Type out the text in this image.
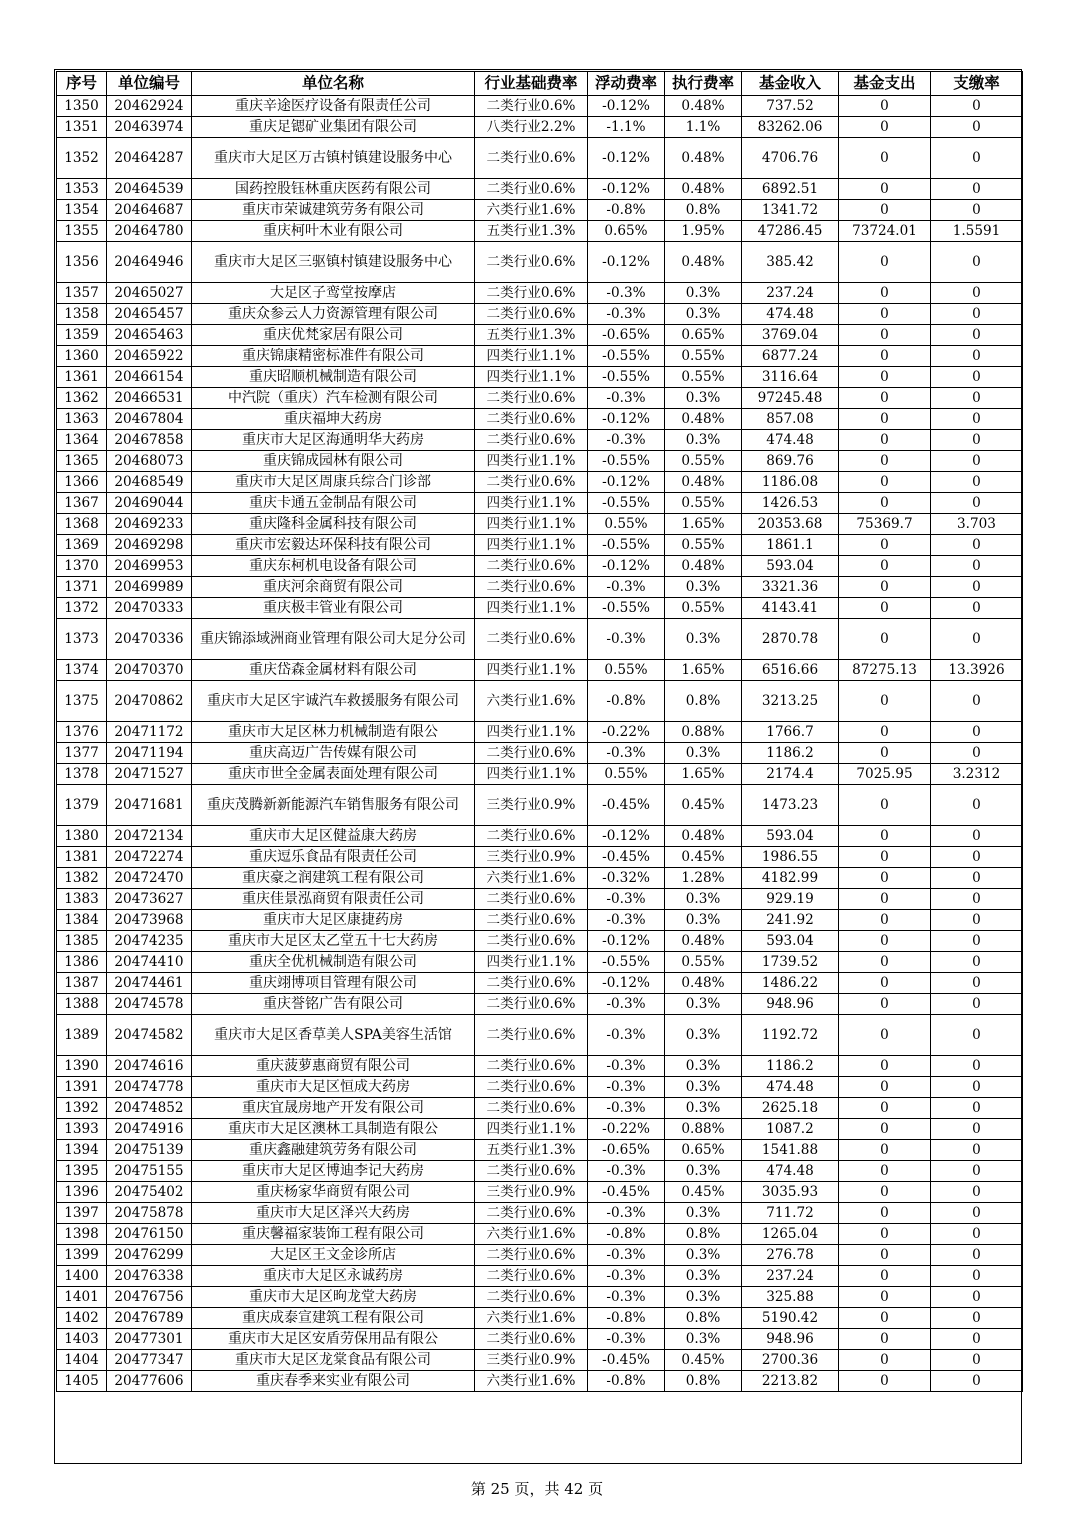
序号	单位编号	单位名称	行业基础费率	浮动费率	执行费率	基金收入	基金支出	支缴率
1350	20462924	重庆辛途医疗设备有限责任公司	二类行业0.6%	-0.12%	0.48%	737.52	0	0
1351	20463974	重庆足锶矿业集团有限公司	八类行业2.2%	-1.1%	1.1%	83262.06	0	0
1352	20464287	重庆市大足区万古镇村镇建设服务中心	二类行业0.6%	-0.12%	0.48%	4706.76	0	0
1353	20464539	国药控股钰林重庆医药有限公司	二类行业0.6%	-0.12%	0.48%	6892.51	0	0
1354	20464687	重庆市荣诚建筑劳务有限公司	六类行业1.6%	-0.8%	0.8%	1341.72	0	0
1355	20464780	重庆柯叶木业有限公司	五类行业1.3%	0.65%	1.95%	47286.45	73724.01	1.5591
1356	20464946	重庆市大足区三驱镇村镇建设服务中心	二类行业0.6%	-0.12%	0.48%	385.42	0	0
1357	20465027	大足区子鸾堂按摩店	二类行业0.6%	-0.3%	0.3%	237.24	0	0
1358	20465457	重庆众参云人力资源管理有限公司	二类行业0.6%	-0.3%	0.3%	474.48	0	0
1359	20465463	重庆优梵家居有限公司	五类行业1.3%	-0.65%	0.65%	3769.04	0	0
1360	20465922	重庆锦康精密标准件有限公司	四类行业1.1%	-0.55%	0.55%	6877.24	0	0
1361	20466154	重庆昭顺机械制造有限公司	四类行业1.1%	-0.55%	0.55%	3116.64	0	0
1362	20466531	中汽院（重庆）汽车检测有限公司	二类行业0.6%	-0.3%	0.3%	97245.48	0	0
1363	20467804	重庆福坤大药房	二类行业0.6%	-0.12%	0.48%	857.08	0	0
1364	20467858	重庆市大足区海通明华大药房	二类行业0.6%	-0.3%	0.3%	474.48	0	0
1365	20468073	重庆锦成园林有限公司	四类行业1.1%	-0.55%	0.55%	869.76	0	0
1366	20468549	重庆市大足区周康兵综合门诊部	二类行业0.6%	-0.12%	0.48%	1186.08	0	0
1367	20469044	重庆卡通五金制品有限公司	四类行业1.1%	-0.55%	0.55%	1426.53	0	0
1368	20469233	重庆隆科金属科技有限公司	四类行业1.1%	0.55%	1.65%	20353.68	75369.7	3.703
1369	20469298	重庆市宏毅达环保科技有限公司	四类行业1.1%	-0.55%	0.55%	1861.1	0	0
1370	20469953	重庆东柯机电设备有限公司	二类行业0.6%	-0.12%	0.48%	593.04	0	0
1371	20469989	重庆河余商贸有限公司	二类行业0.6%	-0.3%	0.3%	3321.36	0	0
1372	20470333	重庆极丰管业有限公司	四类行业1.1%	-0.55%	0.55%	4143.41	0	0
1373	20470336	重庆锦添域洲商业管理有限公司大足分公司	二类行业0.6%	-0.3%	0.3%	2870.78	0	0
1374	20470370	重庆岱森金属材料有限公司	四类行业1.1%	0.55%	1.65%	6516.66	87275.13	13.3926
1375	20470862	重庆市大足区宇诚汽车救援服务有限公司	六类行业1.6%	-0.8%	0.8%	3213.25	0	0
1376	20471172	重庆市大足区林力机械制造有限公	四类行业1.1%	-0.22%	0.88%	1766.7	0	0
1377	20471194	重庆高迈广告传媒有限公司	二类行业0.6%	-0.3%	0.3%	1186.2	0	0
1378	20471527	重庆市世全金属表面处理有限公司	四类行业1.1%	0.55%	1.65%	2174.4	7025.95	3.2312
1379	20471681	重庆茂腾新新能源汽车销售服务有限公司	三类行业0.9%	-0.45%	0.45%	1473.23	0	0
1380	20472134	重庆市大足区健益康大药房	二类行业0.6%	-0.12%	0.48%	593.04	0	0
1381	20472274	重庆逗乐食品有限责任公司	三类行业0.9%	-0.45%	0.45%	1986.55	0	0
1382	20472470	重庆豪之润建筑工程有限公司	六类行业1.6%	-0.32%	1.28%	4182.99	0	0
1383	20473627	重庆佳景泓商贸有限责任公司	二类行业0.6%	-0.3%	0.3%	929.19	0	0
1384	20473968	重庆市大足区康捷药房	二类行业0.6%	-0.3%	0.3%	241.92	0	0
1385	20474235	重庆市大足区太乙堂五十七大药房	二类行业0.6%	-0.12%	0.48%	593.04	0	0
1386	20474410	重庆全优机械制造有限公司	四类行业1.1%	-0.55%	0.55%	1739.52	0	0
1387	20474461	重庆翊博项目管理有限公司	二类行业0.6%	-0.12%	0.48%	1486.22	0	0
1388	20474578	重庆誉铭广告有限公司	二类行业0.6%	-0.3%	0.3%	948.96	0	0
1389	20474582	重庆市大足区香草美人SPA美容生活馆	二类行业0.6%	-0.3%	0.3%	1192.72	0	0
1390	20474616	重庆菠萝惠商贸有限公司	二类行业0.6%	-0.3%	0.3%	1186.2	0	0
1391	20474778	重庆市大足区恒成大药房	二类行业0.6%	-0.3%	0.3%	474.48	0	0
1392	20474852	重庆宜晟房地产开发有限公司	二类行业0.6%	-0.3%	0.3%	2625.18	0	0
1393	20474916	重庆市大足区澳林工具制造有限公	四类行业1.1%	-0.22%	0.88%	1087.2	0	0
1394	20475139	重庆鑫融建筑劳务有限公司	五类行业1.3%	-0.65%	0.65%	1541.88	0	0
1395	20475155	重庆市大足区博迪李记大药房	二类行业0.6%	-0.3%	0.3%	474.48	0	0
1396	20475402	重庆杨家华商贸有限公司	三类行业0.9%	-0.45%	0.45%	3035.93	0	0
1397	20475878	重庆市大足区泽兴大药房	二类行业0.6%	-0.3%	0.3%	711.72	0	0
1398	20476150	重庆馨福家装饰工程有限公司	六类行业1.6%	-0.8%	0.8%	1265.04	0	0
1399	20476299	大足区王文金诊所店	二类行业0.6%	-0.3%	0.3%	276.78	0	0
1400	20476338	重庆市大足区永诚药房	二类行业0.6%	-0.3%	0.3%	237.24	0	0
1401	20476756	重庆市大足区昫龙堂大药房	二类行业0.6%	-0.3%	0.3%	325.88	0	0
1402	20476789	重庆成泰宣建筑工程有限公司	六类行业1.6%	-0.8%	0.8%	5190.42	0	0
1403	20477301	重庆市大足区安盾劳保用品有限公	二类行业0.6%	-0.3%	0.3%	948.96	0	0
1404	20477347	重庆市大足区龙棠食品有限公司	三类行业0.9%	-0.45%	0.45%	2700.36	0	0
1405	20477606	重庆春季来实业有限公司	六类行业1.6%	-0.8%	0.8%	2213.82	0	0
第 25 页，共 42 页
